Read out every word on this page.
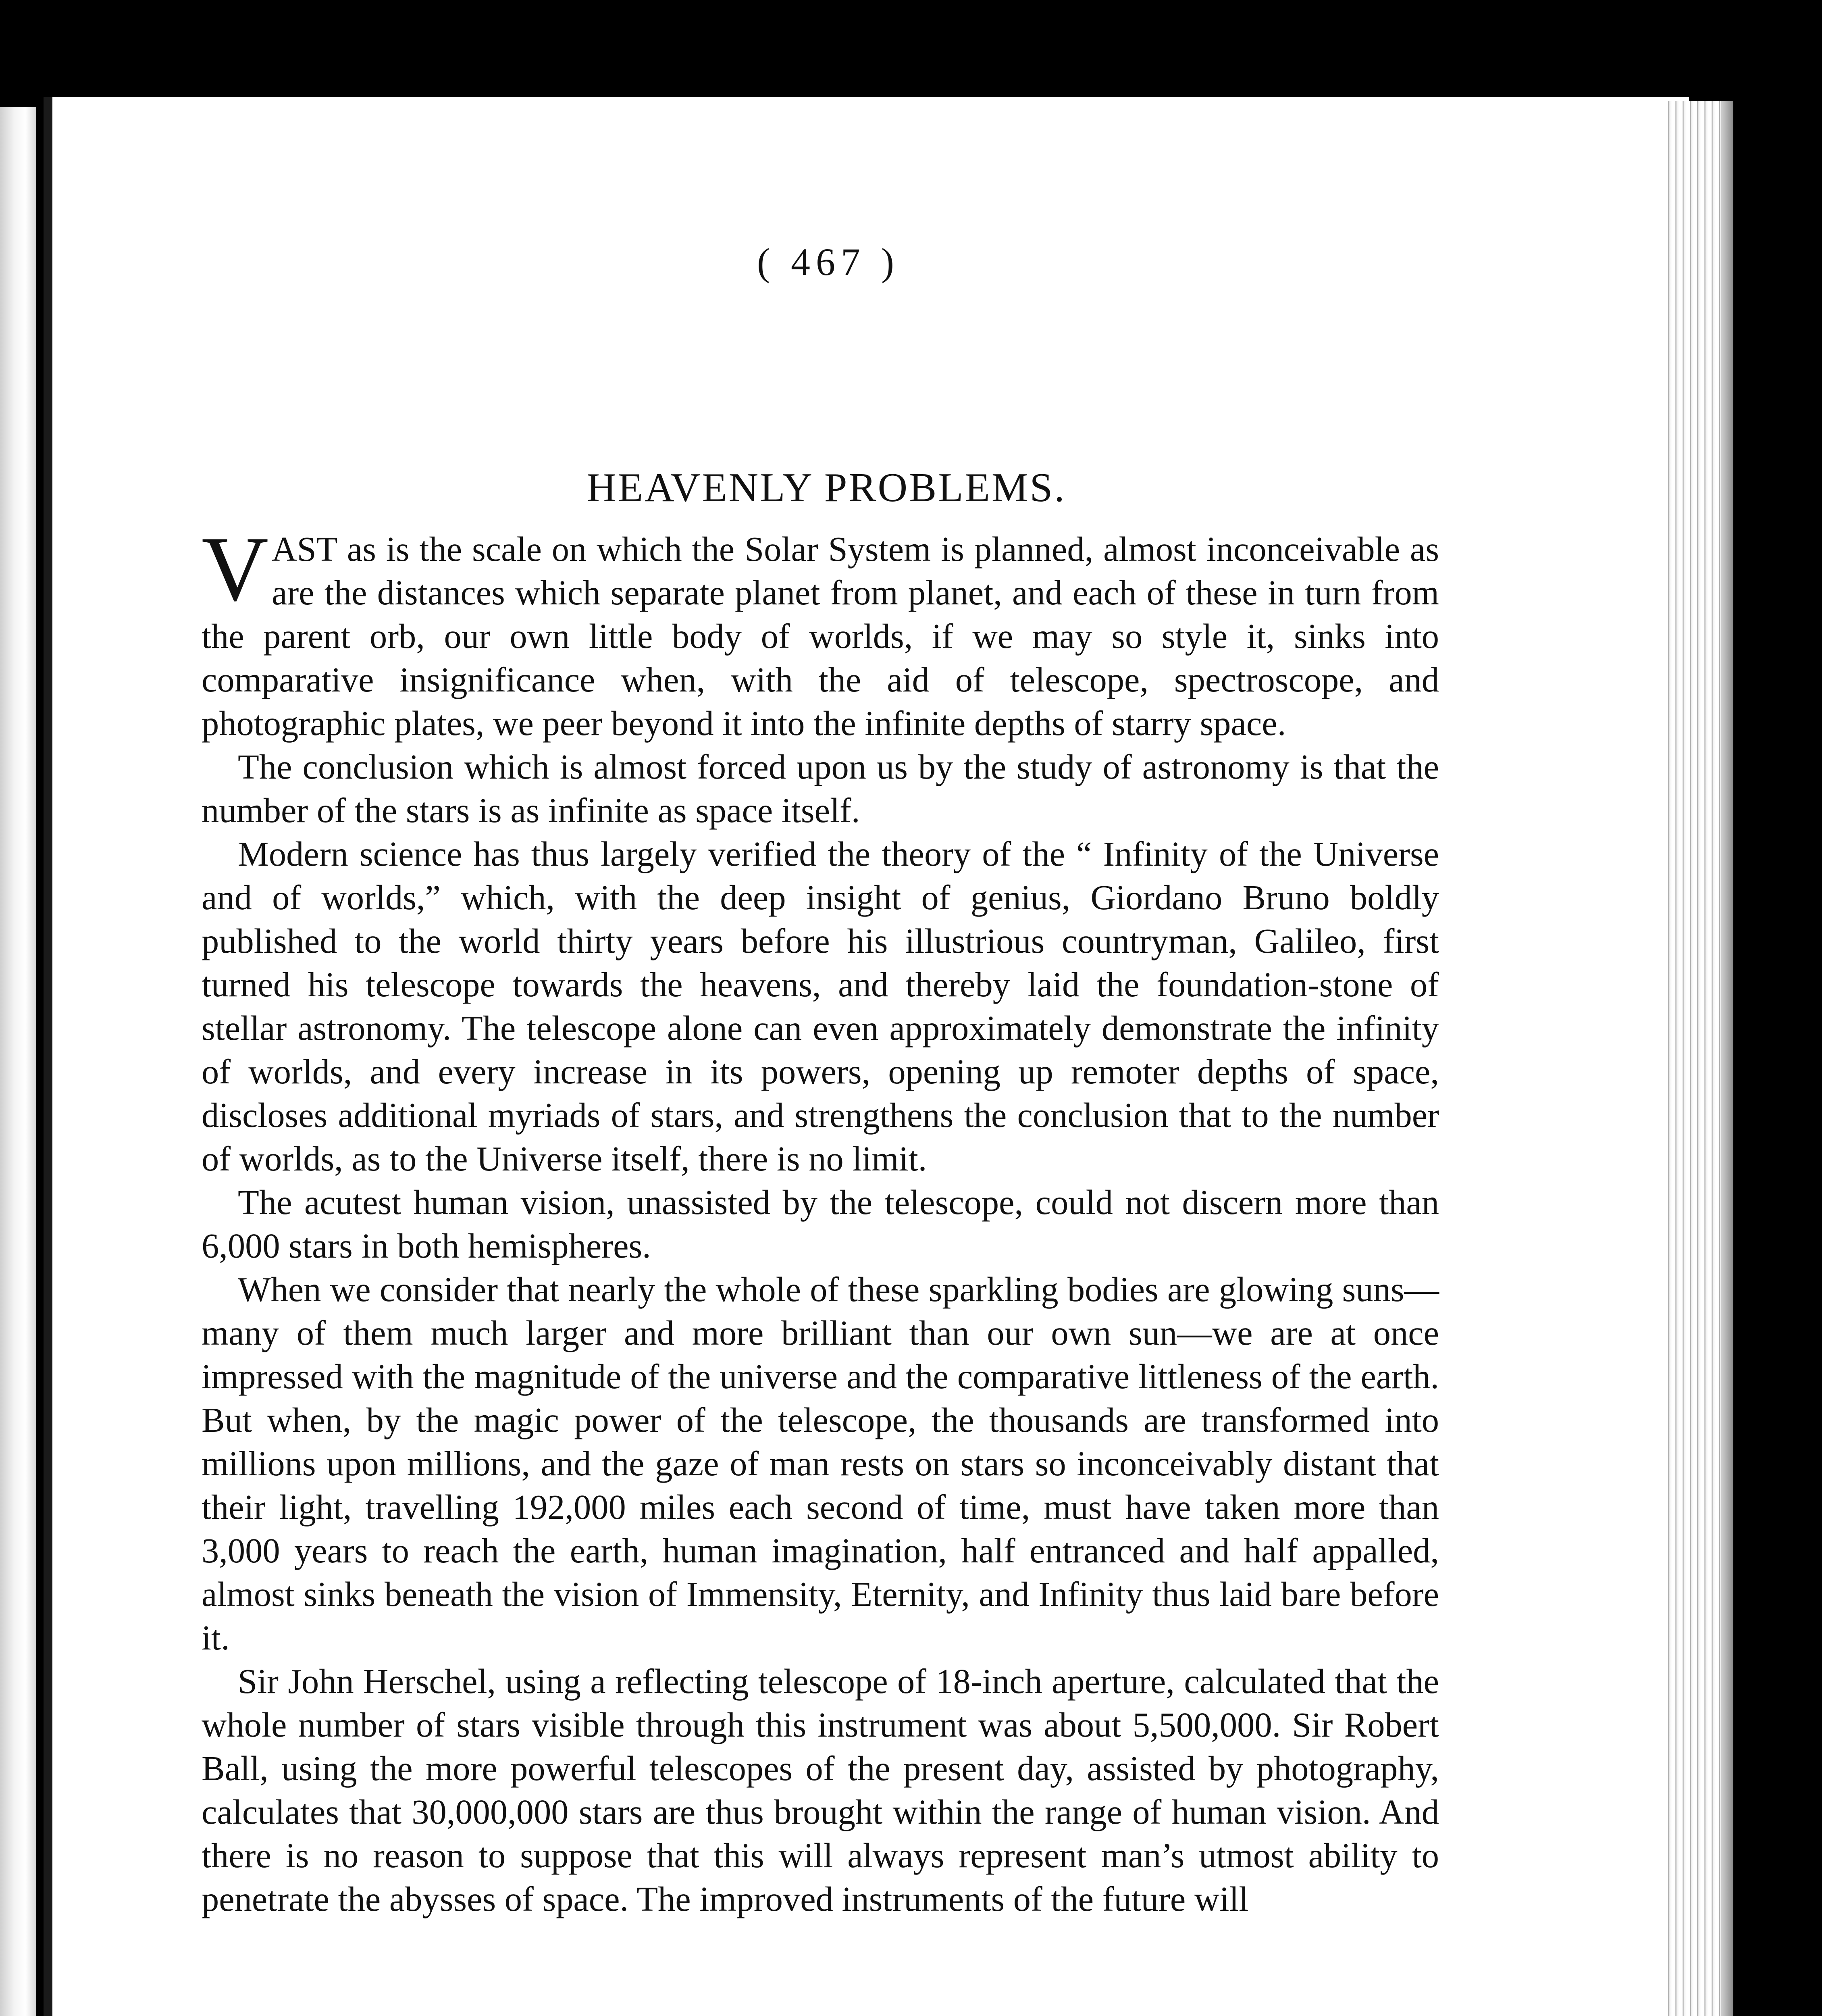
( 467 )
HEAVENLY PROBLEMS.

VAST as is the scale on which the Solar System is planned, almost inconceivable as are the distances which separate planet from planet, and each of these in turn from the parent orb, our own little body of worlds, if we may so style it, sinks into comparative insignificance when, with the aid of telescope, spectroscope, and photographic plates, we peer beyond it into the infinite depths of starry space.

The conclusion which is almost forced upon us by the study of astronomy is that the number of the stars is as infinite as space itself.

Modern science has thus largely verified the theory of the “ Infinity of the Universe and of worlds,” which, with the deep insight of genius, Giordano Bruno boldly published to the world thirty years before his illustrious countryman, Galileo, first turned his telescope towards the heavens, and thereby laid the foundation-stone of stellar astronomy. The telescope alone can even approximately demonstrate the infinity of worlds, and every increase in its powers, opening up remoter depths of space, discloses additional myriads of stars, and strengthens the conclusion that to the number of worlds, as to the Universe itself, there is no limit.

The acutest human vision, unassisted by the telescope, could not discern more than 6,000 stars in both hemispheres.

When we consider that nearly the whole of these sparkling bodies are glowing suns—many of them much larger and more brilliant than our own sun—we are at once impressed with the magnitude of the universe and the comparative littleness of the earth. But when, by the magic power of the telescope, the thousands are transformed into millions upon millions, and the gaze of man rests on stars so inconceivably distant that their light, travelling 192,000 miles each second of time, must have taken more than 3,000 years to reach the earth, human imagination, half entranced and half appalled, almost sinks beneath the vision of Immensity, Eternity, and Infinity thus laid bare before it.

Sir John Herschel, using a reflecting telescope of 18-inch aperture, calculated that the whole number of stars visible through this instrument was about 5,500,000. Sir Robert Ball, using the more powerful telescopes of the present day, assisted by photography, calculates that 30,000,000 stars are thus brought within the range of human vision. And there is no reason to suppose that this will always represent man’s utmost ability to penetrate the abysses of space. The improved instruments of the future will
